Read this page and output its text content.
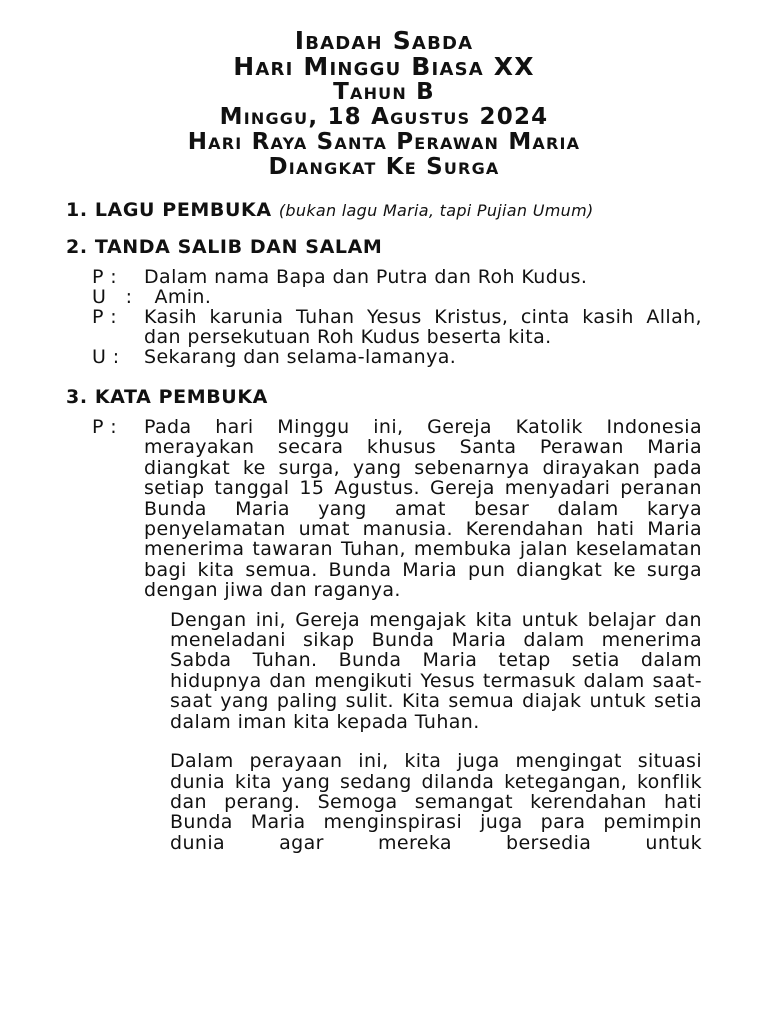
Ibadah Sabda

Hari Minggu Biasa XX

Tahun B

Minggu, 18 Agustus 2024

Hari Raya Santa Perawan Maria

Diangkat Ke Surga

1. LAGU PEMBUKA (bukan lagu Maria, tapi Pujian Umum)

2. TANDA SALIB DAN SALAM

P :	Dalam nama Bapa dan Putra dan Roh Kudus.
U   : Amin.
P :	Kasih karunia Tuhan Yesus Kristus, cinta kasih Allah, dan persekutuan Roh Kudus beserta kita.
U :	Sekarang dan selama-lamanya.

3. KATA PEMBUKA

P :	Pada hari Minggu ini, Gereja Katolik Indonesia merayakan secara khusus Santa Perawan Maria diangkat ke surga, yang sebenarnya dirayakan pada setiap tanggal 15 Agustus. Gereja menyadari peranan Bunda Maria yang amat besar dalam karya penyelamatan umat manusia. Kerendahan hati Maria menerima tawaran Tuhan, membuka jalan keselamatan bagi kita semua. Bunda Maria pun diangkat ke surga dengan jiwa dan raganya.

Dengan ini, Gereja mengajak kita untuk belajar dan meneladani sikap Bunda Maria dalam menerima Sabda Tuhan. Bunda Maria tetap setia dalam hidupnya dan mengikuti Yesus termasuk dalam saat-saat yang paling sulit. Kita semua diajak untuk setia dalam iman kita kepada Tuhan.

Dalam perayaan ini, kita juga mengingat situasi dunia kita yang sedang dilanda ketegangan, konflik dan perang. Semoga semangat kerendahan hati Bunda Maria menginspirasi juga para pemimpin dunia agar mereka bersedia untuk
